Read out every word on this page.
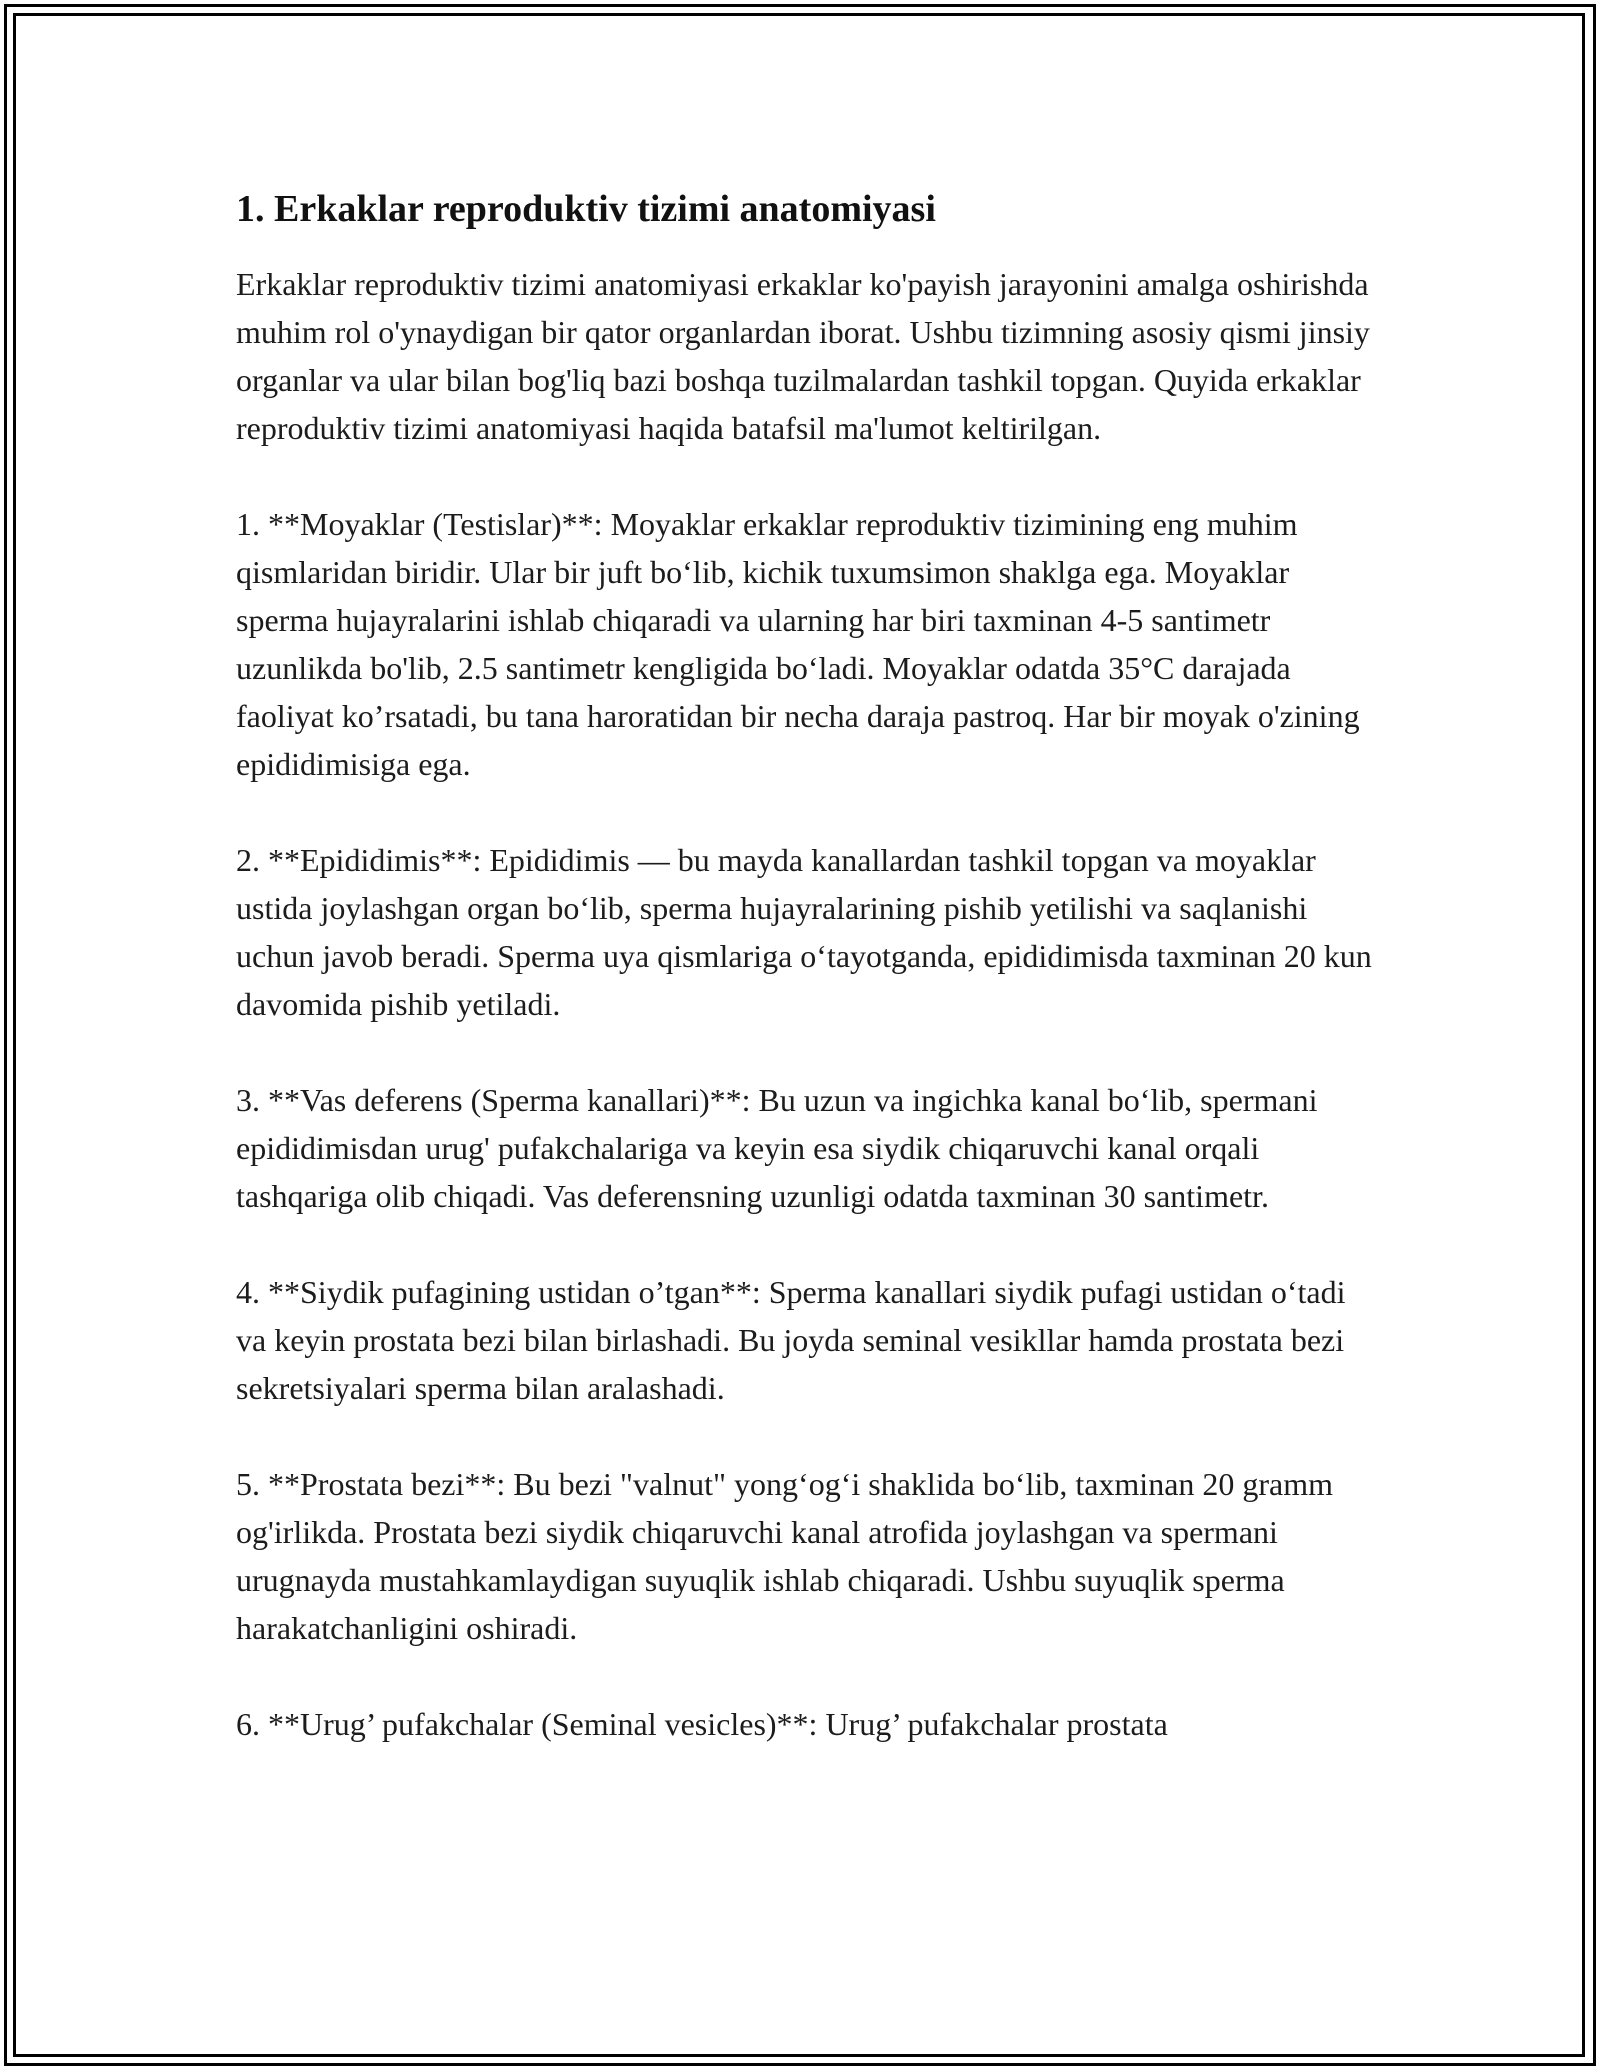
1. Erkaklar reproduktiv tizimi anatomiyasi

Erkaklar reproduktiv tizimi anatomiyasi erkaklar ko'payish jarayonini amalga oshirishda muhim rol o'ynaydigan bir qator organlardan iborat. Ushbu tizimning asosiy qismi jinsiy organlar va ular bilan bog'liq bazi boshqa tuzilmalardan tashkil topgan. Quyida erkaklar reproduktiv tizimi anatomiyasi haqida batafsil ma'lumot keltirilgan.

1. **Moyaklar (Testislar)**: Moyaklar erkaklar reproduktiv tizimining eng muhim qismlaridan biridir. Ular bir juft bo‘lib, kichik tuxumsimon shaklga ega. Moyaklar sperma hujayralarini ishlab chiqaradi va ularning har biri taxminan 4-5 santimetr uzunlikda bo'lib, 2.5 santimetr kengligida bo‘ladi. Moyaklar odatda 35°C darajada faoliyat ko’rsatadi, bu tana haroratidan bir necha daraja pastroq. Har bir moyak o'zining epididimisiga ega.

2. **Epididimis**: Epididimis — bu mayda kanallardan tashkil topgan va moyaklar ustida joylashgan organ bo‘lib, sperma hujayralarining pishib yetilishi va saqlanishi uchun javob beradi. Sperma uya qismlariga o‘tayotganda, epididimisda taxminan 20 kun davomida pishib yetiladi.

3. **Vas deferens (Sperma kanallari)**: Bu uzun va ingichka kanal bo‘lib, spermani epididimisdan urug' pufakchalariga va keyin esa siydik chiqaruvchi kanal orqali tashqariga olib chiqadi. Vas deferensning uzunligi odatda taxminan 30 santimetr.

4. **Siydik pufagining ustidan o’tgan**: Sperma kanallari siydik pufagi ustidan o‘tadi va keyin prostata bezi bilan birlashadi. Bu joyda seminal vesikllar hamda prostata bezi sekretsiyalari sperma bilan aralashadi.

5. **Prostata bezi**: Bu bezi "valnut" yong‘og‘i shaklida bo‘lib, taxminan 20 gramm og'irlikda. Prostata bezi siydik chiqaruvchi kanal atrofida joylashgan va spermani urugnayda mustahkamlaydigan suyuqlik ishlab chiqaradi. Ushbu suyuqlik sperma harakatchanligini oshiradi.

6. **Urug’ pufakchalar (Seminal vesicles)**: Urug’ pufakchalar prostata
